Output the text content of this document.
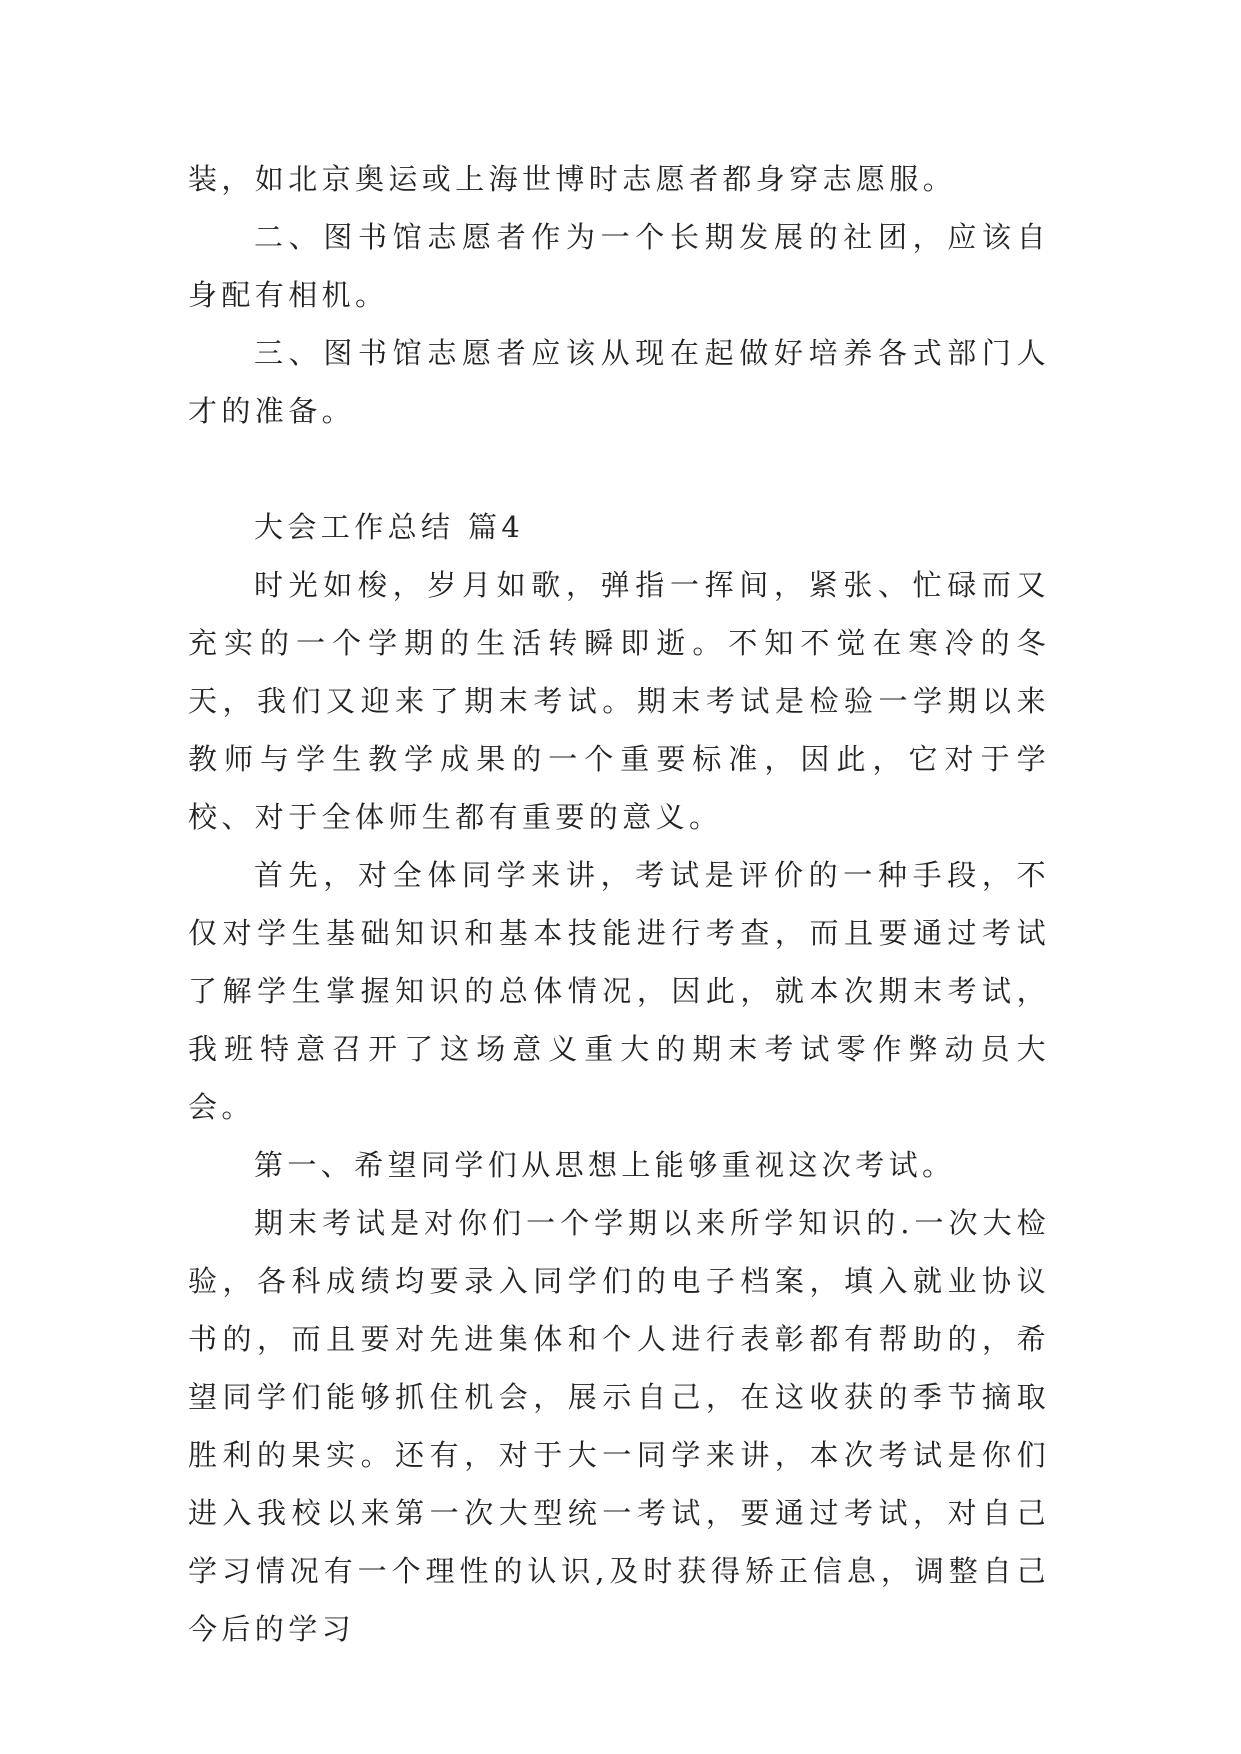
装，如北京奥运或上海世博时志愿者都身穿志愿服。

二、图书馆志愿者作为一个长期发展的社团，应该自身配有相机。

三、图书馆志愿者应该从现在起做好培养各式部门人才的准备。

大会工作总结 篇4

时光如梭，岁月如歌，弹指一挥间，紧张、忙碌而又充实的一个学期的生活转瞬即逝。不知不觉在寒冷的冬天，我们又迎来了期末考试。期末考试是检验一学期以来教师与学生教学成果的一个重要标准，因此，它对于学校、对于全体师生都有重要的意义。

首先，对全体同学来讲，考试是评价的一种手段，不仅对学生基础知识和基本技能进行考查，而且要通过考试了解学生掌握知识的总体情况，因此，就本次期末考试，我班特意召开了这场意义重大的期末考试零作弊动员大会。

第一、希望同学们从思想上能够重视这次考试。

期末考试是对你们一个学期以来所学知识的.一次大检验，各科成绩均要录入同学们的电子档案，填入就业协议书的，而且要对先进集体和个人进行表彰都有帮助的，希望同学们能够抓住机会，展示自己，在这收获的季节摘取胜利的果实。还有，对于大一同学来讲，本次考试是你们进入我校以来第一次大型统一考试，要通过考试，对自己学习情况有一个理性的认识,及时获得矫正信息，调整自己今后的学习
